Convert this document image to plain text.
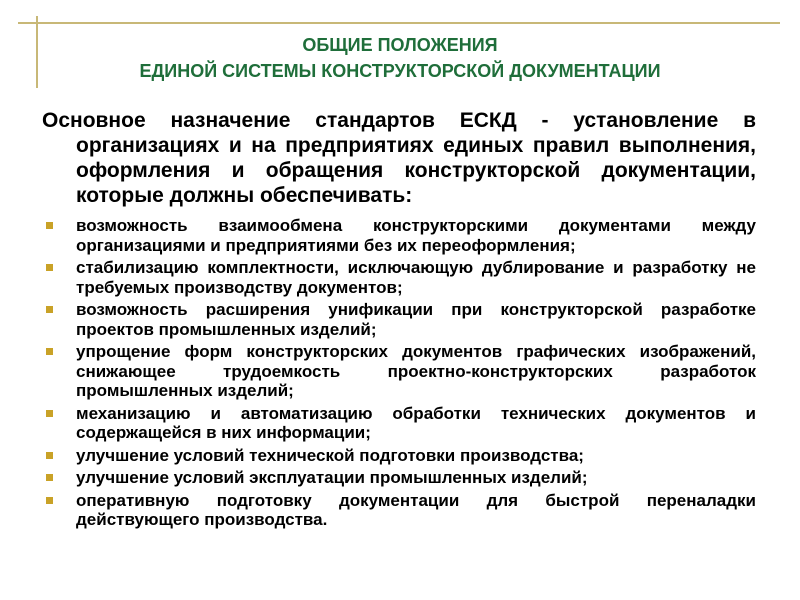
ОБЩИЕ ПОЛОЖЕНИЯ
ЕДИНОЙ СИСТЕМЫ КОНСТРУКТОРСКОЙ ДОКУМЕНТАЦИИ

Основное назначение стандартов ЕСКД - установление в организациях и на предприятиях единых правил выполнения, оформления и обращения конструкторской документации, которые должны обеспечивать:

возможность взаимообмена конструкторскими документами между организациями и предприятиями без их переоформления;
стабилизацию комплектности, исключающую дублирование и разработку не требуемых производству документов;
возможность расширения унификации при конструкторской разработке проектов промышленных изделий;
упрощение форм конструкторских документов графических изображений, снижающее трудоемкость проектно-конструкторских разработок промышленных изделий;
механизацию и автоматизацию обработки технических документов и содержащейся в них информации;
улучшение условий технической подготовки производства;
улучшение условий эксплуатации промышленных изделий;
оперативную подготовку документации для быстрой переналадки действующего производства.
